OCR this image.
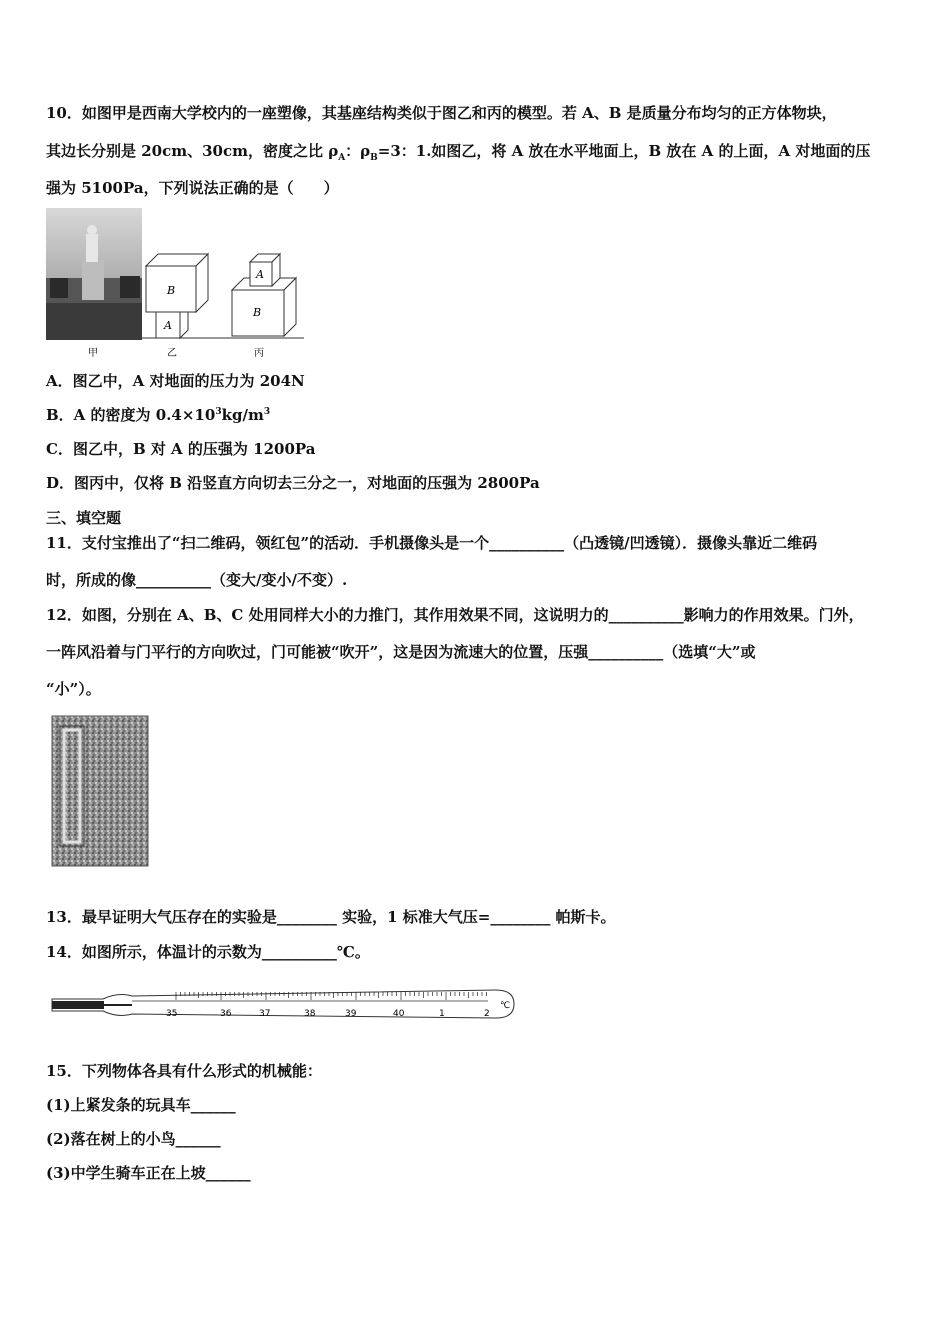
10．如图甲是西南大学校内的一座塑像，其基座结构类似于图乙和丙的模型。若 A、B 是质量分布均匀的正方体物块，
其边长分别是 20cm、30cm，密度之比 $\rho_A$：$\rho_B=3$：1.如图乙，将 A 放在水平地面上，B 放在 A 的上面，A 对地面的压
强为 5100Pa，下列说法正确的是（　　）
A
B
A
B
甲	乙	丙
A．图乙中，A 对地面的压力为 204N
B．A 的密度为 $0.4\times 10^3kg/m^3$
C．图乙中，B 对 A 的压强为 1200Pa
D．图丙中，仅将 B 沿竖直方向切去三分之一，对地面的压强为 2800Pa
三、填空题
11．支付宝推出了“扫二维码，领红包”的活动．手机摄像头是一个__________（凸透镜/凹透镜）．摄像头靠近二维码
时，所成的像__________（变大/变小/不变）.
12．如图，分别在 A、B、C 处用同样大小的力推门，其作用效果不同，这说明力的__________影响力的作用效果。门外，
一阵风沿着与门平行的方向吹过，门可能被“吹开”，这是因为流速大的位置，压强__________（选填“大”或
“小”）。
13．最早证明大气压存在的实验是________ 实验，1 标准大气压=________ 帕斯卡。
14．如图所示，体温计的示数为__________℃。
35	36	37	38	39	40	1	2
℃
15．下列物体各具有什么形式的机械能：
(1)上紧发条的玩具车______
(2)落在树上的小鸟______
(3)中学生骑车正在上坡______
